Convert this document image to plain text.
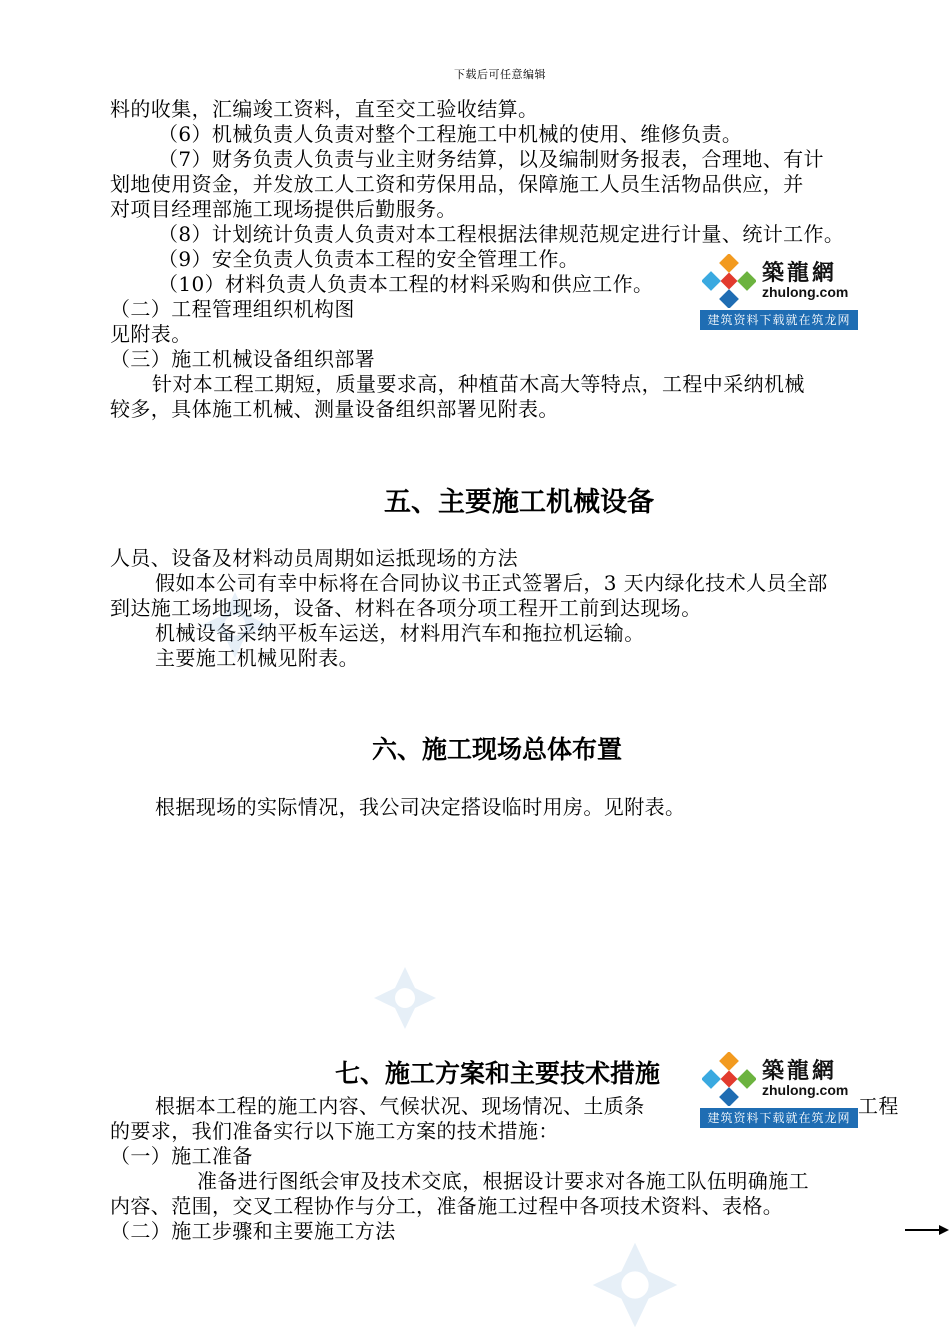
下载后可任意编辑
料的收集，汇编竣工资料，直至交工验收结算。
（6）机械负责人负责对整个工程施工中机械的使用、维修负责。
（7）财务负责人负责与业主财务结算，以及编制财务报表，合理地、有计
划地使用资金，并发放工人工资和劳保用品，保障施工人员生活物品供应，并
对项目经理部施工现场提供后勤服务。
（8）计划统计负责人负责对本工程根据法律规范规定进行计量、统计工作。
（9）安全负责人负责本工程的安全管理工作。
（10）材料负责人负责本工程的材料采购和供应工作。
（二）工程管理组织机构图
见附表。
（三）施工机械设备组织部署
针对本工程工期短，质量要求高，种植苗木高大等特点，工程中采纳机械
较多，具体施工机械、测量设备组织部署见附表。
五、主要施工机械设备
人员、设备及材料动员周期如运抵现场的方法
假如本公司有幸中标将在合同协议书正式签署后，3 天内绿化技术人员全部
到达施工场地现场，设备、材料在各项分项工程开工前到达现场。
机械设备采纳平板车运送，材料用汽车和拖拉机运输。
主要施工机械见附表。
六、施工现场总体布置
根据现场的实际情况，我公司决定搭设临时用房。见附表。
七、施工方案和主要技术措施
根据本工程的施工内容、气候状况、现场情况、土质条	工程
的要求，我们准备实行以下施工方案的技术措施：
（一）施工准备
准备进行图纸会审及技术交底，根据设计要求对各施工队伍明确施工
内容、范围，交叉工程协作与分工，准备施工过程中各项技术资料、表格。
（二）施工步骤和主要施工方法
築龍網
zhulong.com
建筑资料下载就在筑龙网
築龍網
zhulong.com
建筑资料下载就在筑龙网
